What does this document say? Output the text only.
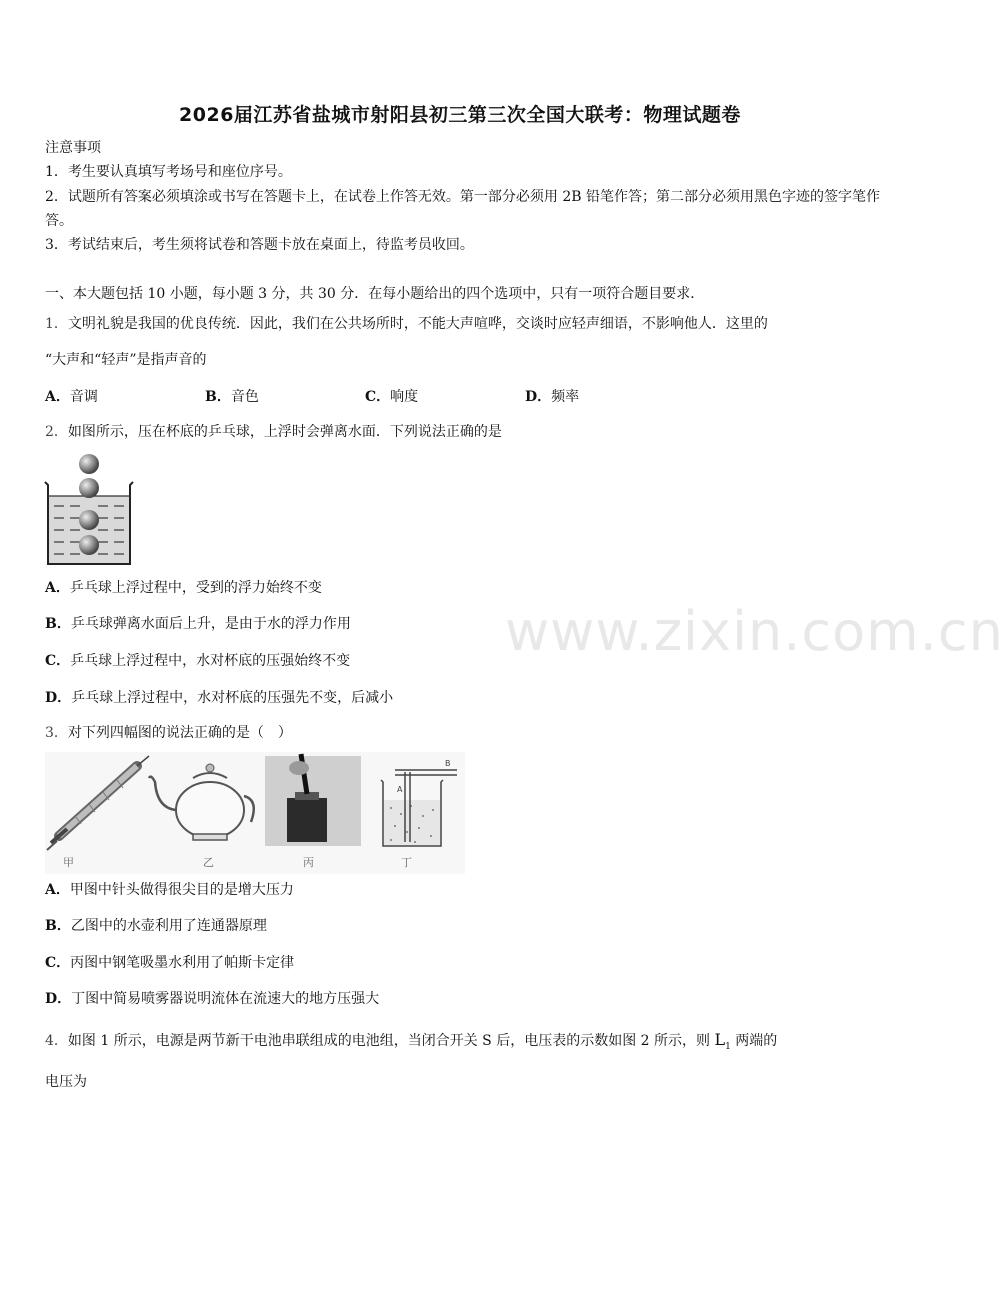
2026届江苏省盐城市射阳县初三第三次全国大联考：物理试题卷
注意事项
1．考生要认真填写考场号和座位序号。
2．试题所有答案必须填涂或书写在答题卡上，在试卷上作答无效。第一部分必须用 2B 铅笔作答；第二部分必须用黑色字迹的签字笔作答。
3．考试结束后，考生须将试卷和答题卡放在桌面上，待监考员收回。
一、本大题包括 10 小题，每小题 3 分，共 30 分．在每小题给出的四个选项中，只有一项符合题目要求．
1．文明礼貌是我国的优良传统．因此，我们在公共场所时，不能大声喧哗，交谈时应轻声细语，不影响他人．这里的
“大声和“轻声”是指声音的
A．音调	B．音色	C．响度	D．频率
2．如图所示，压在杯底的乒乓球，上浮时会弹离水面．下列说法正确的是
A．乒乓球上浮过程中，受到的浮力始终不变
B．乒乓球弹离水面后上升，是由于水的浮力作用
C．乒乓球上浮过程中，水对杯底的压强始终不变
D．乒乓球上浮过程中，水对杯底的压强先不变，后减小
3．对下列四幅图的说法正确的是（　）
A
B
甲	乙	丙	丁
A．甲图中针头做得很尖目的是增大压力
B．乙图中的水壶利用了连通器原理
C．丙图中钢笔吸墨水利用了帕斯卡定律
D．丁图中简易喷雾器说明流体在流速大的地方压强大
4．如图 1 所示，电源是两节新干电池串联组成的电池组，当闭合开关 S 后，电压表的示数如图 2 所示，则 $L_1$ 两端的
电压为
www.zixin.com.cn
